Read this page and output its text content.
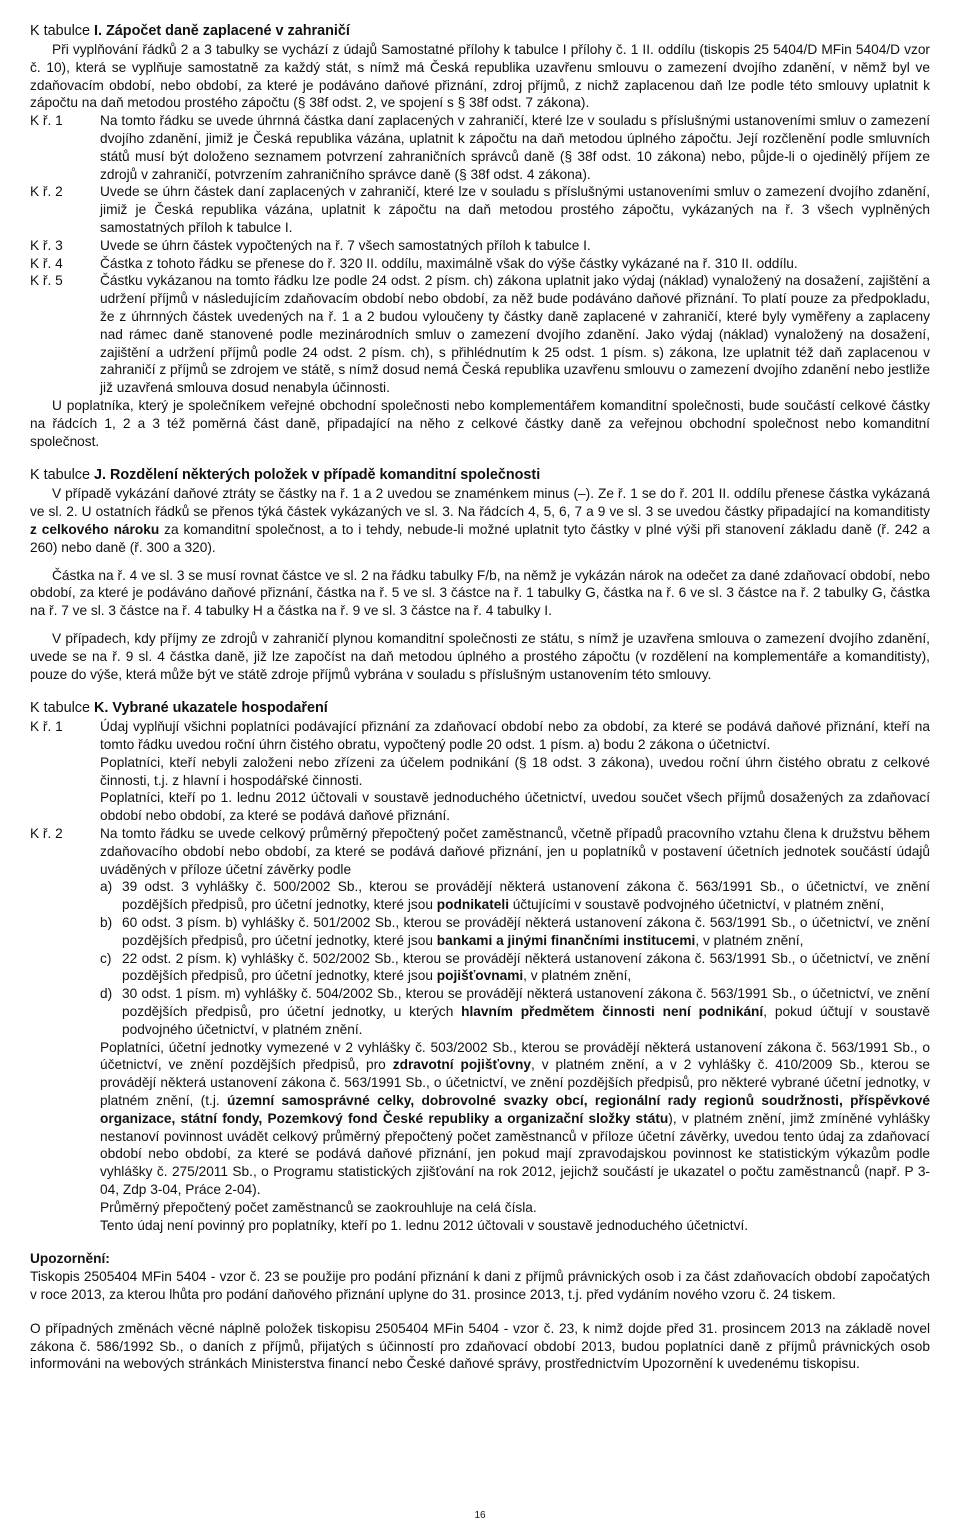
K tabulce I. Zápočet daně zaplacené v zahraničí

Při vyplňování řádků 2 a 3 tabulky se vychází z údajů Samostatné přílohy k tabulce I přílohy č. 1 II. oddílu (tiskopis 25 5404/D MFin 5404/D vzor č. 10), která se vyplňuje samostatně za každý stát, s nímž má Česká republika uzavřenu smlouvu o zamezení dvojího zdanění, v němž byl ve zdaňovacím období, nebo období, za které je podáváno daňové přiznání, zdroj příjmů, z nichž zaplacenou daň lze podle této smlouvy uplatnit k zápočtu na daň metodou prostého zápočtu (§ 38f odst. 2, ve spojení s § 38f odst. 7 zákona).

K ř. 1	Na tomto řádku se uvede úhrnná částka daní zaplacených v zahraničí, které lze v souladu s příslušnými ustanoveními smluv o zamezení dvojího zdanění, jimiž je Česká republika vázána, uplatnit k zápočtu na daň metodou úplného zápočtu. Její rozčlenění podle smluvních států musí být doloženo seznamem potvrzení zahraničních správců daně (§ 38f odst. 10 zákona) nebo, půjde-li o ojedinělý příjem ze zdrojů v zahraničí, potvrzením zahraničního správce daně (§ 38f odst. 4 zákona).
K ř. 2	Uvede se úhrn částek daní zaplacených v zahraničí, které lze v souladu s příslušnými ustanoveními smluv o zamezení dvojího zdanění, jimiž je Česká republika vázána, uplatnit k zápočtu na daň metodou prostého zápočtu, vykázaných na ř. 3 všech vyplněných samostatných příloh k tabulce I.
K ř. 3	Uvede se úhrn částek vypočtených na ř. 7 všech samostatných příloh k tabulce I.
K ř. 4	Částka z tohoto řádku se přenese do ř. 320 II. oddílu, maximálně však do výše částky vykázané na ř. 310 II. oddílu.
K ř. 5	Částku vykázanou na tomto řádku lze podle 24 odst. 2 písm. ch) zákona uplatnit jako výdaj (náklad) vynaložený na dosažení, zajištění a udržení příjmů v následujícím zdaňovacím období nebo období, za něž bude podáváno daňové přiznání. To platí pouze za předpokladu, že z úhrnných částek uvedených na ř. 1 a 2 budou vyloučeny ty částky daně zaplacené v zahraničí, které byly vyměřeny a zaplaceny nad rámec daně stanovené podle mezinárodních smluv o zamezení dvojího zdanění. Jako výdaj (náklad) vynaložený na dosažení, zajištění a udržení příjmů podle 24 odst. 2 písm. ch), s přihlédnutím k 25 odst. 1 písm. s) zákona, lze uplatnit též daň zaplacenou v zahraničí z příjmů se zdrojem ve státě, s nímž dosud nemá Česká republika uzavřenu smlouvu o zamezení dvojího zdanění nebo jestliže již uzavřená smlouva dosud nenabyla účinnosti.

U poplatníka, který je společníkem veřejné obchodní společnosti nebo komplementářem komanditní společnosti, bude součástí celkové částky na řádcích 1, 2 a 3 též poměrná část daně, připadající na něho z celkové částky daně za veřejnou obchodní společnost nebo komanditní společnost.

K tabulce J. Rozdělení některých položek v případě komanditní společnosti

V případě vykázání daňové ztráty se částky na ř. 1 a 2 uvedou se znaménkem minus (–). Ze ř. 1 se do ř. 201 II. oddílu přenese částka vykázaná ve sl. 2. U ostatních řádků se přenos týká částek vykázaných ve sl. 3. Na řádcích 4, 5, 6, 7 a 9 ve sl. 3 se uvedou částky připadající na komanditisty z celkového nároku za komanditní společnost, a to i tehdy, nebude-li možné uplatnit tyto částky v plné výši při stanovení základu daně (ř. 242 a 260) nebo daně (ř. 300 a 320).

Částka na ř. 4 ve sl. 3 se musí rovnat částce ve sl. 2 na řádku tabulky F/b, na němž je vykázán nárok na odečet za dané zdaňovací období, nebo období, za které je podáváno daňové přiznání, částka na ř. 5 ve sl. 3 částce na ř. 1 tabulky G, částka na ř. 6 ve sl. 3 částce na ř. 2 tabulky G, částka na ř. 7 ve sl. 3 částce na ř. 4 tabulky H a částka na ř. 9 ve sl. 3 částce na ř. 4 tabulky I.

V případech, kdy příjmy ze zdrojů v zahraničí plynou komanditní společnosti ze státu, s nímž je uzavřena smlouva o zamezení dvojího zdanění, uvede se na ř. 9 sl. 4 částka daně, již lze započíst na daň metodou úplného a prostého zápočtu (v rozdělení na komplementáře a komanditisty), pouze do výše, která může být ve státě zdroje příjmů vybrána v souladu s příslušným ustanovením této smlouvy.

K tabulce K. Vybrané ukazatele hospodaření
K ř. 1	Údaj vyplňují všichni poplatníci podávající přiznání za zdaňovací období nebo za období, za které se podává daňové přiznání, kteří na tomto řádku uvedou roční úhrn čistého obratu, vypočtený podle 20 odst. 1 písm. a) bodu 2 zákona o účetnictví.

Poplatníci, kteří nebyli založeni nebo zřízeni za účelem podnikání (§ 18 odst. 3 zákona), uvedou roční úhrn čistého obratu z celkové činnosti, t.j. z hlavní i hospodářské činnosti.

Poplatníci, kteří po 1. lednu 2012 účtovali v soustavě jednoduchého účetnictví, uvedou součet všech příjmů dosažených za zdaňovací období nebo období, za které se podává daňové přiznání.

K ř. 2	Na tomto řádku se uvede celkový průměrný přepočtený počet zaměstnanců, včetně případů pracovního vztahu člena k družstvu během zdaňovacího období nebo období, za které se podává daňové přiznání, jen u poplatníků v postavení účetních jednotek součástí údajů uváděných v příloze účetní závěrky podle

a) 39 odst. 3 vyhlášky č. 500/2002 Sb., kterou se provádějí některá ustanovení zákona č. 563/1991 Sb., o účetnictví, ve znění pozdějších předpisů, pro účetní jednotky, které jsou podnikateli účtujícími v soustavě podvojného účetnictví, v platném znění,
b) 60 odst. 3 písm. b) vyhlášky č. 501/2002 Sb., kterou se provádějí některá ustanovení zákona č. 563/1991 Sb., o účetnictví, ve znění pozdějších předpisů, pro účetní jednotky, které jsou bankami a jinými finančními institucemi, v platném znění,
c) 22 odst. 2 písm. k) vyhlášky č. 502/2002 Sb., kterou se provádějí některá ustanovení zákona č. 563/1991 Sb., o účetnictví, ve znění pozdějších předpisů, pro účetní jednotky, které jsou pojišťovnami, v platném znění,
d) 30 odst. 1 písm. m) vyhlášky č. 504/2002 Sb., kterou se provádějí některá ustanovení zákona č. 563/1991 Sb., o účetnictví, ve znění pozdějších předpisů, pro účetní jednotky, u kterých hlavním předmětem činnosti není podnikání, pokud účtují v soustavě podvojného účetnictví, v platném znění.

Poplatníci, účetní jednotky vymezené v 2 vyhlášky č. 503/2002 Sb., kterou se provádějí některá ustanovení zákona č. 563/1991 Sb., o účetnictví, ve znění pozdějších předpisů, pro zdravotní pojišťovny, v platném znění, a v 2 vyhlášky č. 410/2009 Sb., kterou se provádějí některá ustanovení zákona č. 563/1991 Sb., o účetnictví, ve znění pozdějších předpisů, pro některé vybrané účetní jednotky, v platném znění, (t.j. územní samosprávné celky, dobrovolné svazky obcí, regionální rady regionů soudržnosti, příspěvkové organizace, státní fondy, Pozemkový fond České republiky a organizační složky státu), v platném znění, jimž zmíněné vyhlášky nestanoví povinnost uvádět celkový průměrný přepočtený počet zaměstnanců v příloze účetní závěrky, uvedou tento údaj za zdaňovací období nebo období, za které se podává daňové přiznání, jen pokud mají zpravodajskou povinnost ke statistickým výkazům podle vyhlášky č. 275/2011 Sb., o Programu statistických zjišťování na rok 2012, jejichž součástí je ukazatel o počtu zaměstnanců (např. P 3-04, Zdp 3-04, Práce 2-04).

Průměrný přepočtený počet zaměstnanců se zaokrouhluje na celá čísla.

Tento údaj není povinný pro poplatníky, kteří po 1. lednu 2012 účtovali v soustavě jednoduchého účetnictví.

Upozornění:

Tiskopis 2505404 MFin 5404 - vzor č. 23 se použije pro podání přiznání k dani z příjmů právnických osob i za část zdaňovacích období započatých v roce 2013, za kterou lhůta pro podání daňového přiznání uplyne do 31. prosince 2013, t.j. před vydáním nového vzoru č. 24 tiskem.

O případných změnách věcné náplně položek tiskopisu 2505404 MFin 5404 - vzor č. 23, k nimž dojde před 31. prosincem 2013 na základě novel zákona č. 586/1992 Sb., o daních z příjmů, přijatých s účinností pro zdaňovací období 2013, budou poplatníci daně z příjmů právnických osob informováni na webových stránkách Ministerstva financí nebo České daňové správy, prostřednictvím Upozornění k uvedenému tiskopisu.

16
